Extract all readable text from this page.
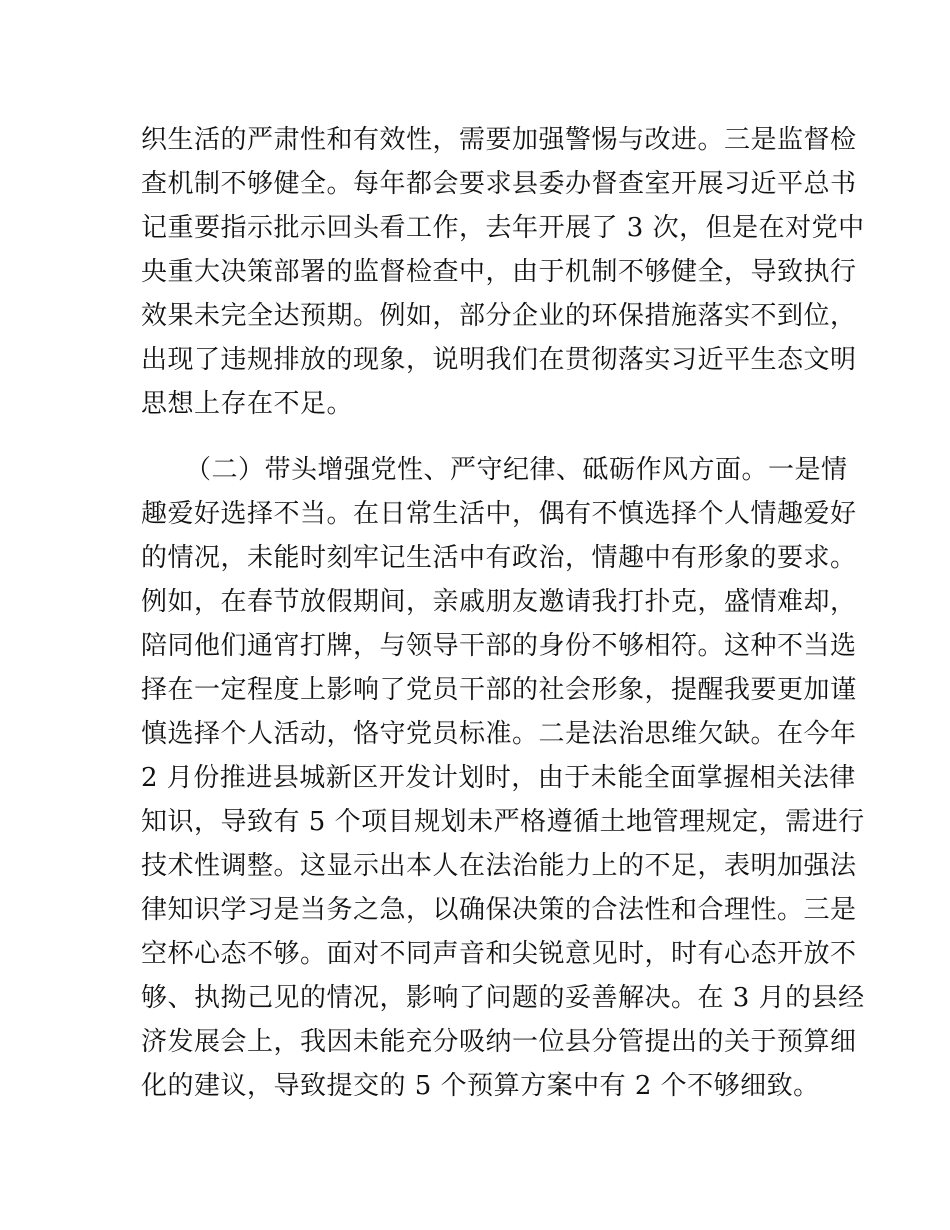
织生活的严肃性和有效性，需要加强警惕与改进。三是监督检
查机制不够健全。每年都会要求县委办督查室开展习近平总书
记重要指示批示回头看工作，去年开展了 3 次，但是在对党中
央重大决策部署的监督检查中，由于机制不够健全，导致执行
效果未完全达预期。例如，部分企业的环保措施落实不到位，
出现了违规排放的现象，说明我们在贯彻落实习近平生态文明
思想上存在不足。
（二）带头增强党性、严守纪律、砥砺作风方面。一是情
趣爱好选择不当。在日常生活中，偶有不慎选择个人情趣爱好
的情况，未能时刻牢记生活中有政治，情趣中有形象的要求。
例如，在春节放假期间，亲戚朋友邀请我打扑克，盛情难却，
陪同他们通宵打牌，与领导干部的身份不够相符。这种不当选
择在一定程度上影响了党员干部的社会形象，提醒我要更加谨
慎选择个人活动，恪守党员标准。二是法治思维欠缺。在今年
2 月份推进县城新区开发计划时，由于未能全面掌握相关法律
知识，导致有 5 个项目规划未严格遵循土地管理规定，需进行
技术性调整。这显示出本人在法治能力上的不足，表明加强法
律知识学习是当务之急，以确保决策的合法性和合理性。三是
空杯心态不够。面对不同声音和尖锐意见时，时有心态开放不
够、执拗己见的情况，影响了问题的妥善解决。在 3 月的县经
济发展会上，我因未能充分吸纳一位县分管提出的关于预算细
化的建议，导致提交的 5 个预算方案中有 2 个不够细致。
